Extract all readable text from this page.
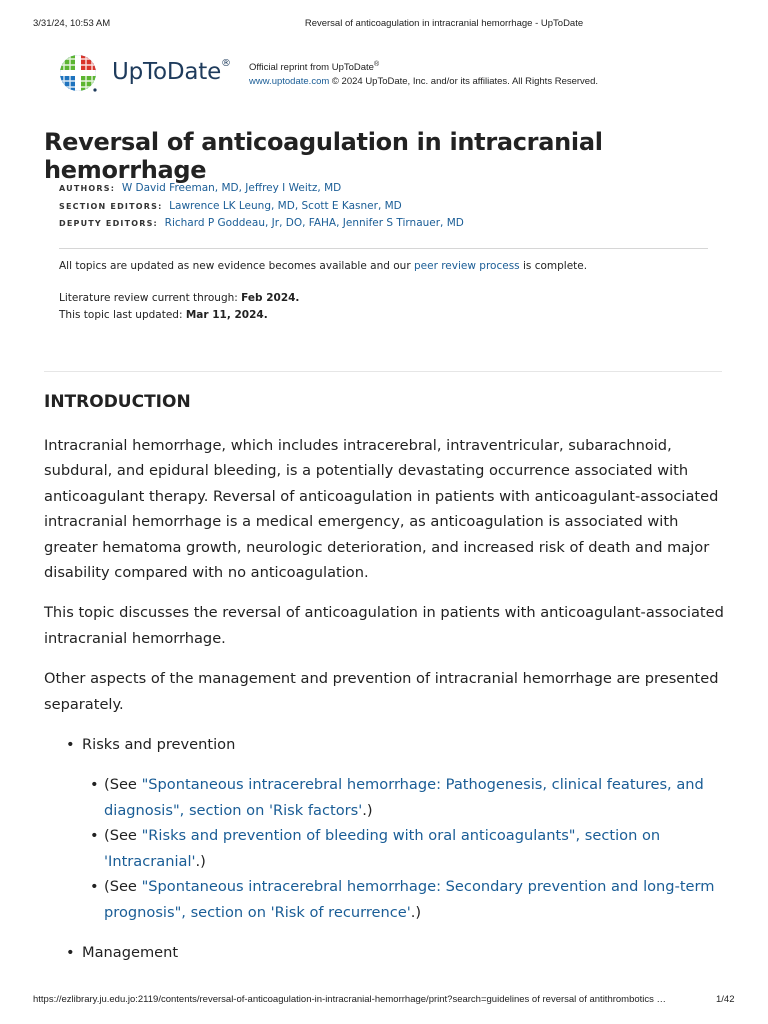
3/31/24, 10:53 AM	Reversal of anticoagulation in intracranial hemorrhage - UpToDate
UpToDate® Official reprint from UpToDate®
www.uptodate.com © 2024 UpToDate, Inc. and/or its affiliates. All Rights Reserved.
Reversal of anticoagulation in intracranial hemorrhage
AUTHORS: W David Freeman, MD, Jeffrey I Weitz, MD
SECTION EDITORS: Lawrence LK Leung, MD, Scott E Kasner, MD
DEPUTY EDITORS: Richard P Goddeau, Jr, DO, FAHA, Jennifer S Tirnauer, MD
All topics are updated as new evidence becomes available and our peer review process is complete.
Literature review current through: Feb 2024.
This topic last updated: Mar 11, 2024.
INTRODUCTION

Intracranial hemorrhage, which includes intracerebral, intraventricular, subarachnoid, subdural, and epidural bleeding, is a potentially devastating occurrence associated with anticoagulant therapy. Reversal of anticoagulation in patients with anticoagulant-associated intracranial hemorrhage is a medical emergency, as anticoagulation is associated with greater hematoma growth, neurologic deterioration, and increased risk of death and major disability compared with no anticoagulation.

This topic discusses the reversal of anticoagulation in patients with anticoagulant-associated intracranial hemorrhage.

Other aspects of the management and prevention of intracranial hemorrhage are presented separately.

• Risks and prevention
• (See "Spontaneous intracerebral hemorrhage: Pathogenesis, clinical features, and diagnosis", section on 'Risk factors'.)
• (See "Risks and prevention of bleeding with oral anticoagulants", section on 'Intracranial'.)
• (See "Spontaneous intracerebral hemorrhage: Secondary prevention and long-term prognosis", section on 'Risk of recurrence'.)
• Management
https://ezlibrary.ju.edu.jo:2119/contents/reversal-of-anticoagulation-in-intracranial-hemorrhage/print?search=guidelines of reversal of antithrombotics …	1/42
